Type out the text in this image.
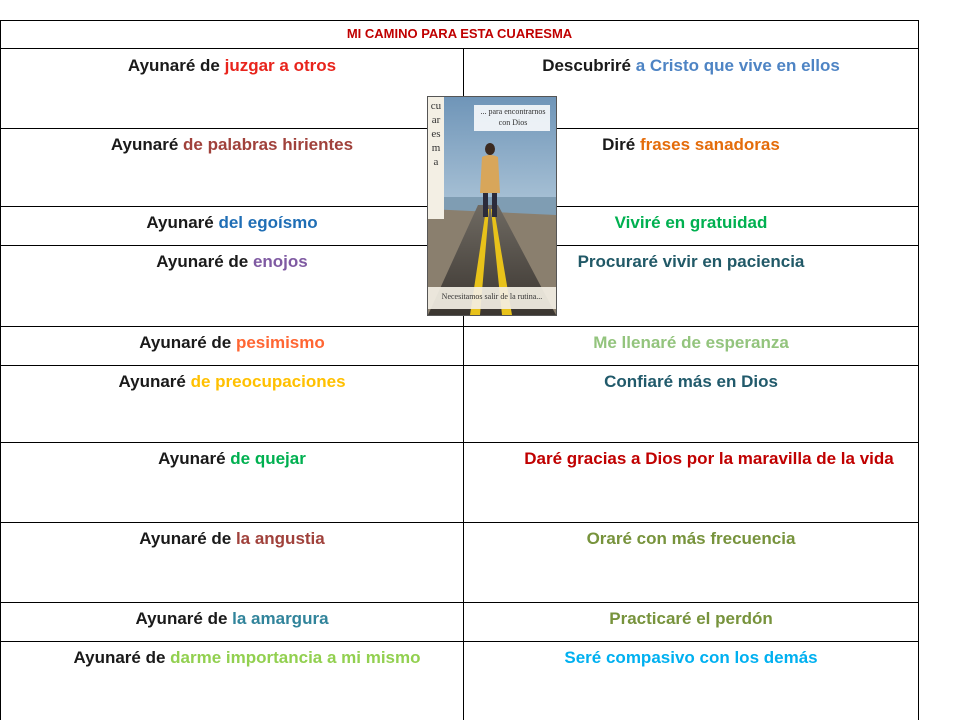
MI CAMINO PARA ESTA CUARESMA
Ayunaré de juzgar a otros	Descubriré a Cristo que vive en ellos
Ayunaré de palabras hirientes	Diré frases sanadoras
Ayunaré del egoísmo	Viviré en gratuidad
Ayunaré de enojos	Procuraré vivir en paciencia
Ayunaré de pesimismo	Me llenaré de esperanza
Ayunaré de preocupaciones	Confiaré más en Dios
Ayunaré de quejar	Daré gracias a Dios por la maravilla de la vida
Ayunaré de la angustia	Oraré con más frecuencia
Ayunaré de la amargura	Practicaré el perdón
Ayunaré de darme importancia a mi mismo	Seré compasivo con los demás
cuaresma
... para encontrarnos con Dios
Necesitamos salir de la rutina...
